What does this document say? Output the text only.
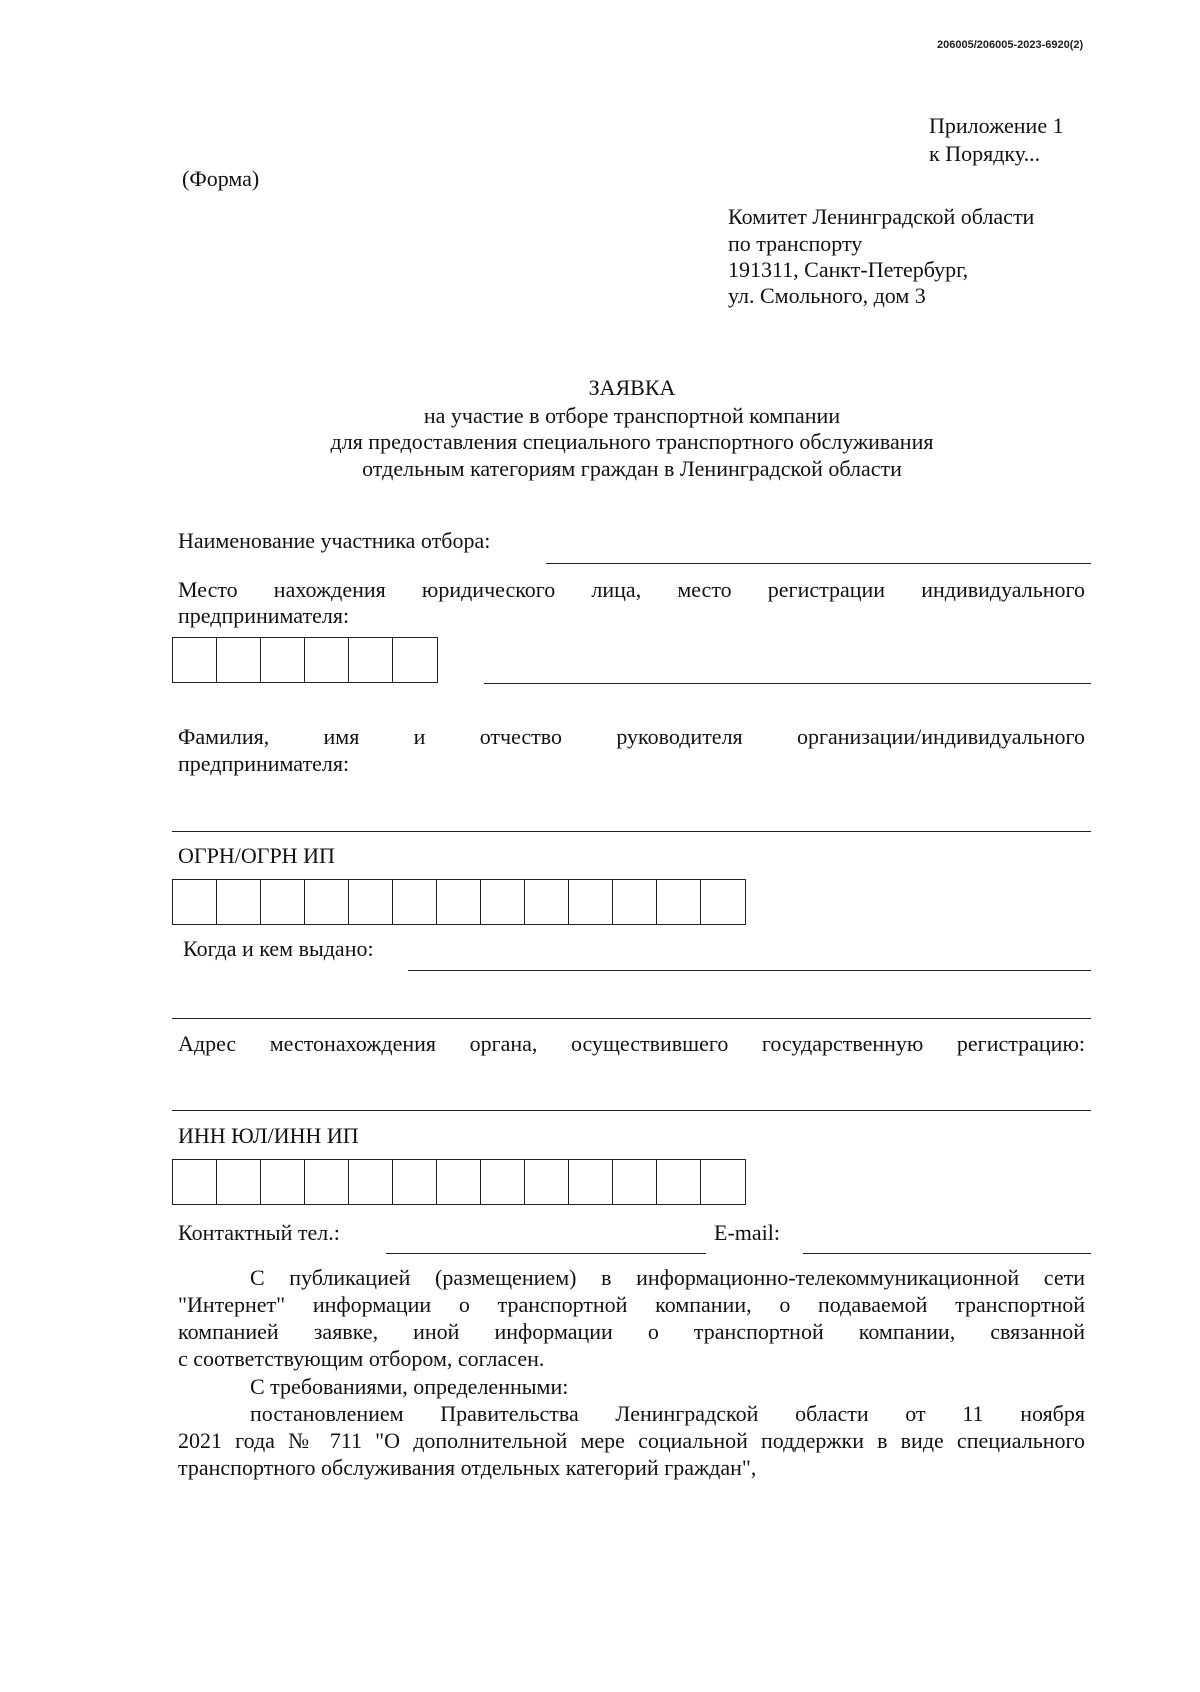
206005/206005-2023-6920(2)
Приложение 1
к Порядку...
(Форма)
Комитет Ленинградской области
по транспорту
191311, Санкт-Петербург,
ул. Смольного, дом 3
ЗАЯВКА
на участие в отборе транспортной компании
для предоставления специального транспортного обслуживания
отдельным категориям граждан в Ленинградской области
Наименование участника отбора:
Место нахождения юридического лица, место регистрации индивидуального
предпринимателя:
Фамилия, имя и отчество руководителя организации/индивидуального
предпринимателя:
ОГРН/ОГРН ИП
Когда и кем выдано:
Адрес местонахождения органа, осуществившего государственную регистрацию:
ИНН ЮЛ/ИНН ИП
Контактный тел.:	E-mail:
С публикацией (размещением) в информационно-телекоммуникационной сети
"Интернет" информации о транспортной компании, о подаваемой транспортной
компанией заявке, иной информации о транспортной компании, связанной
с соответствующим отбором, согласен.
С требованиями, определенными:
постановлением Правительства Ленинградской области от 11 ноября
2021 года № 711 "О дополнительной мере социальной поддержки в виде специального
транспортного обслуживания отдельных категорий граждан",
